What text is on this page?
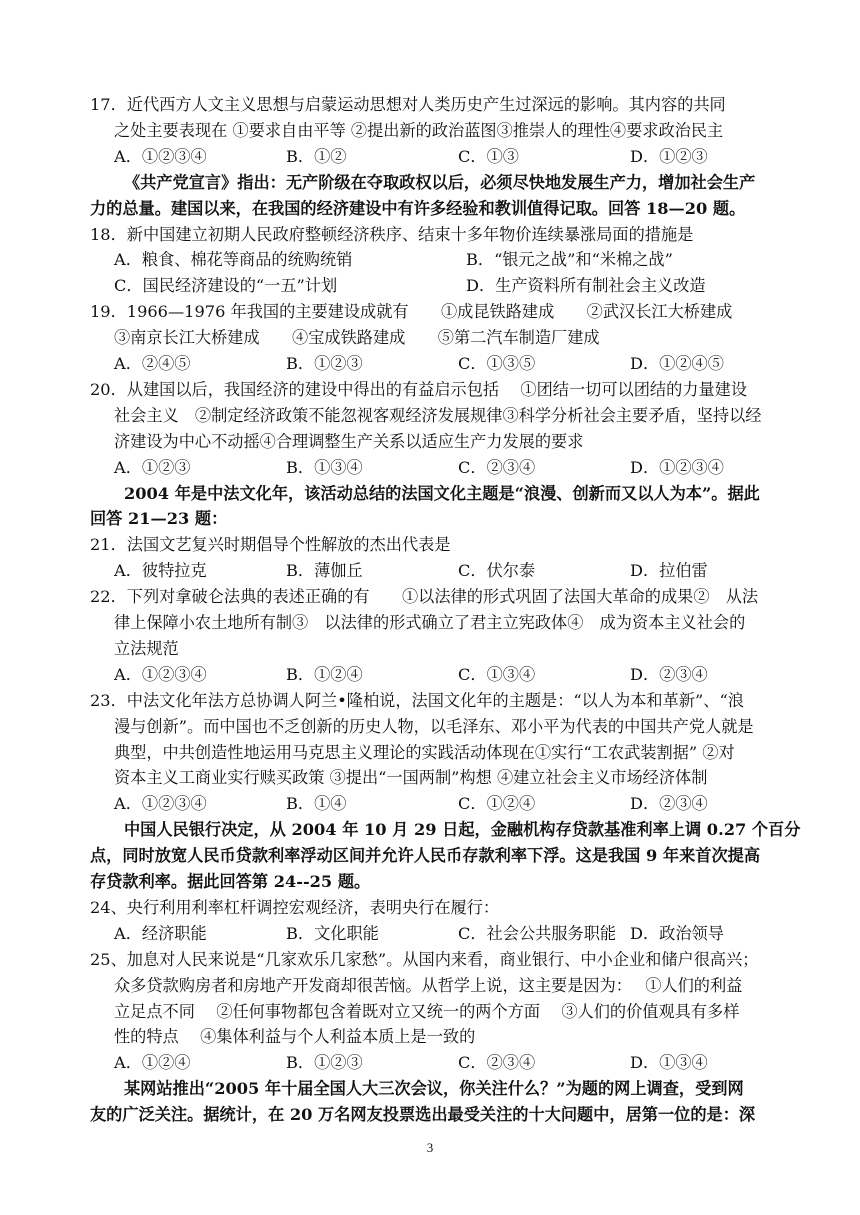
17．近代西方人文主义思想与启蒙运动思想对人类历史产生过深远的影响。其内容的共同
之处主要表现在 ①要求自由平等 ②提出新的政治蓝图③推崇人的理性④要求政治民主
A．①②③④	B．①②	C．①③	D．①②③
《共产党宣言》指出：无产阶级在夺取政权以后，必须尽快地发展生产力，增加社会生产
力的总量。建国以来，在我国的经济建设中有许多经验和教训值得记取。回答 18—20 题。
18．新中国建立初期人民政府整顿经济秩序、结束十多年物价连续暴涨局面的措施是
A．粮食、棉花等商品的统购统销	B．“银元之战”和“米棉之战”
C．国民经济建设的“一五”计划	D．生产资料所有制社会主义改造
19．1966—1976 年我国的主要建设成就有　　①成昆铁路建成　　②武汉长江大桥建成
③南京长江大桥建成　　④宝成铁路建成　　⑤第二汽车制造厂建成
A．②④⑤	B．①②③	C．①③⑤	D．①②④⑤
20．从建国以后，我国经济的建设中得出的有益启示包括　 ①团结一切可以团结的力量建设
社会主义　②制定经济政策不能忽视客观经济发展规律③科学分析社会主要矛盾，坚持以经
济建设为中心不动摇④合理调整生产关系以适应生产力发展的要求
A．①②③	B．①③④	C．②③④	D．①②③④
2004 年是中法文化年，该活动总结的法国文化主题是“浪漫、创新而又以人为本”。据此
回答 21—23 题：
21．法国文艺复兴时期倡导个性解放的杰出代表是
A．彼特拉克	B．薄伽丘	C．伏尔泰	D．拉伯雷
22．下列对拿破仑法典的表述正确的有　　①以法律的形式巩固了法国大革命的成果②　从法
律上保障小农土地所有制③　以法律的形式确立了君主立宪政体④　成为资本主义社会的
立法规范
A．①②③④	B．①②④	C．①③④	D．②③④
23．中法文化年法方总协调人阿兰•隆柏说，法国文化年的主题是：“以人为本和革新”、“浪
漫与创新”。而中国也不乏创新的历史人物，以毛泽东、邓小平为代表的中国共产党人就是
典型，中共创造性地运用马克思主义理论的实践活动体现在①实行“工农武装割据” ②对
资本主义工商业实行赎买政策 ③提出“一国两制”构想 ④建立社会主义市场经济体制
A．①②③④	B．①④	C．①②④	D．②③④
中国人民银行决定，从 2004 年 10 月 29 日起，金融机构存贷款基准利率上调 0.27 个百分
点，同时放宽人民币贷款利率浮动区间并允许人民币存款利率下浮。这是我国 9 年来首次提高
存贷款利率。据此回答第 24--25 题。
24、央行利用利率杠杆调控宏观经济，表明央行在履行：
A．经济职能	B．文化职能	C．社会公共服务职能 D．政治领导
25、加息对人民来说是“几家欢乐几家愁”。从国内来看，商业银行、中小企业和储户很高兴；
众多贷款购房者和房地产开发商却很苦恼。从哲学上说，这主要是因为：　 ①人们的利益
立足点不同　 ②任何事物都包含着既对立又统一的两个方面　 ③人们的价值观具有多样
性的特点　 ④集体利益与个人利益本质上是一致的
A．①②④	B．①②③	C．②③④	D．①③④
某网站推出“2005 年十届全国人大三次会议，你关注什么？”为题的网上调查，受到网
友的广泛关注。据统计，在 20 万名网友投票选出最受关注的十大问题中，居第一位的是：深
3
